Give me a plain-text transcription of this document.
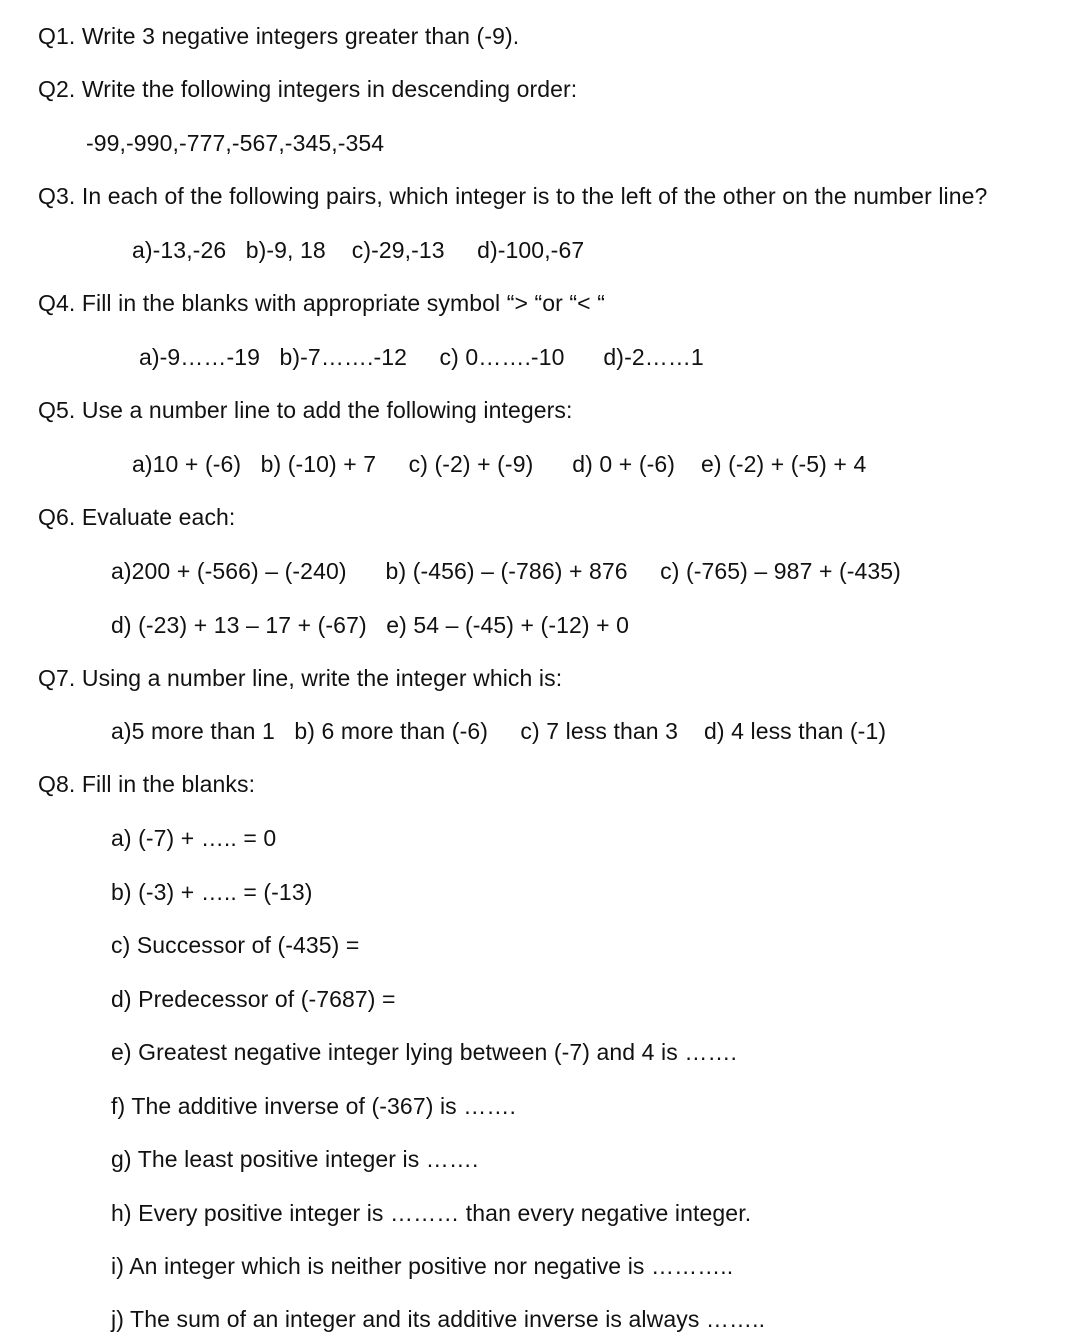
Q1. Write 3 negative integers greater than (-9).
Q2. Write the following integers in descending order:
-99,-990,-777,-567,-345,-354
Q3. In each of the following pairs, which integer is to the left of the other on the number line?
a)-13,-26   b)-9, 18    c)-29,-13     d)-100,-67
Q4. Fill in the blanks with appropriate symbol “> “or “< “
a)-9……-19   b)-7…….-12     c) 0…….-10      d)-2……1
Q5. Use a number line to add the following integers:
a)10 + (-6)   b) (-10) + 7     c) (-2) + (-9)      d) 0 + (-6)    e) (-2) + (-5) + 4
Q6. Evaluate each:
a)200 + (-566) – (-240)      b) (-456) – (-786) + 876     c) (-765) – 987 + (-435)
d) (-23) + 13 – 17 + (-67)   e) 54 – (-45) + (-12) + 0
Q7. Using a number line, write the integer which is:
a)5 more than 1   b) 6 more than (-6)     c) 7 less than 3    d) 4 less than (-1)
Q8. Fill in the blanks:
a) (-7) + ….. = 0
b) (-3) + ….. = (-13)
c) Successor of (-435) =
d) Predecessor of (-7687) =
e) Greatest negative integer lying between (-7) and 4 is …….
f) The additive inverse of (-367) is …….
g) The least positive integer is …….
h) Every positive integer is ……… than every negative integer.
i) An integer which is neither positive nor negative is ………..
j) The sum of an integer and its additive inverse is always ……..
